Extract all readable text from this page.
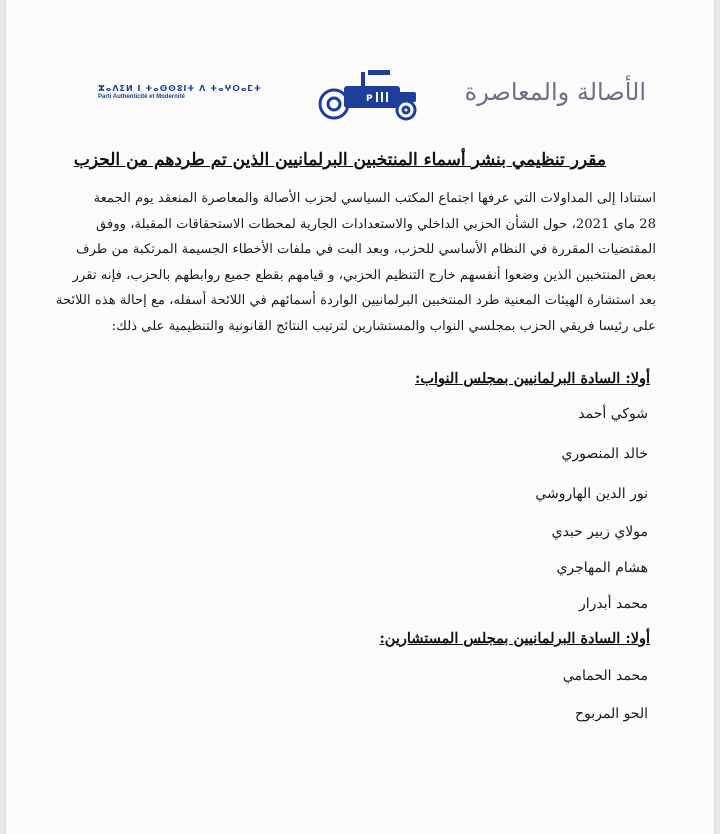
ⵣⴰⴷⵉⵍ ⵏ ⵜⴰⵙⵙⵓⵏⵜ ⴷ ⵜⴰⵖⵔⴰⵎⵜ
Parti Authenticité et Modernité	P	الأصالة والمعاصرة
مقرر تنظيمي بنشر أسماء المنتخبين البرلمانيين الذين تم طردهم من الحزب
استنادا إلى المداولات التي عرفها اجتماع المكتب السياسي لحزب الأصالة والمعاصرة المنعقد يوم الجمعة
28 ماي 2021، حول الشأن الحزبي الداخلي والاستعدادات الجارية لمحطات الاستحقاقات المقبلة، ووفق
المقتضيات المقررة في النظام الأساسي للحزب، وبعد البت في ملفات الأخطاء الجسيمة المرتكبة من طرف
بعض المنتخبين الذين وضعوا أنفسهم خارج التنظيم الحزبي، و قيامهم بقطع جميع روابطهم بالحزب، فإنه تقرر
بعد استشارة الهيئات المعنية طرد المنتخبين البرلمانيين الواردة أسمائهم في اللائحة أسفله، مع إحالة هذه اللائحة
على رئيسا فريقي الحزب بمجلسي النواب والمستشارين لترتيب النتائج القانونية والتنظيمية على ذلك:
أولا: السادة البرلمانيين بمجلس النواب:
شوكي أحمد
خالد المنصوري
نور الدين الهاروشي
مولاي زبير حبدي
هشام المهاجري
محمد أبدرار
أولا: السادة البرلمانيين بمجلس المستشارين:
محمد الحمامي
الحو المربوح
